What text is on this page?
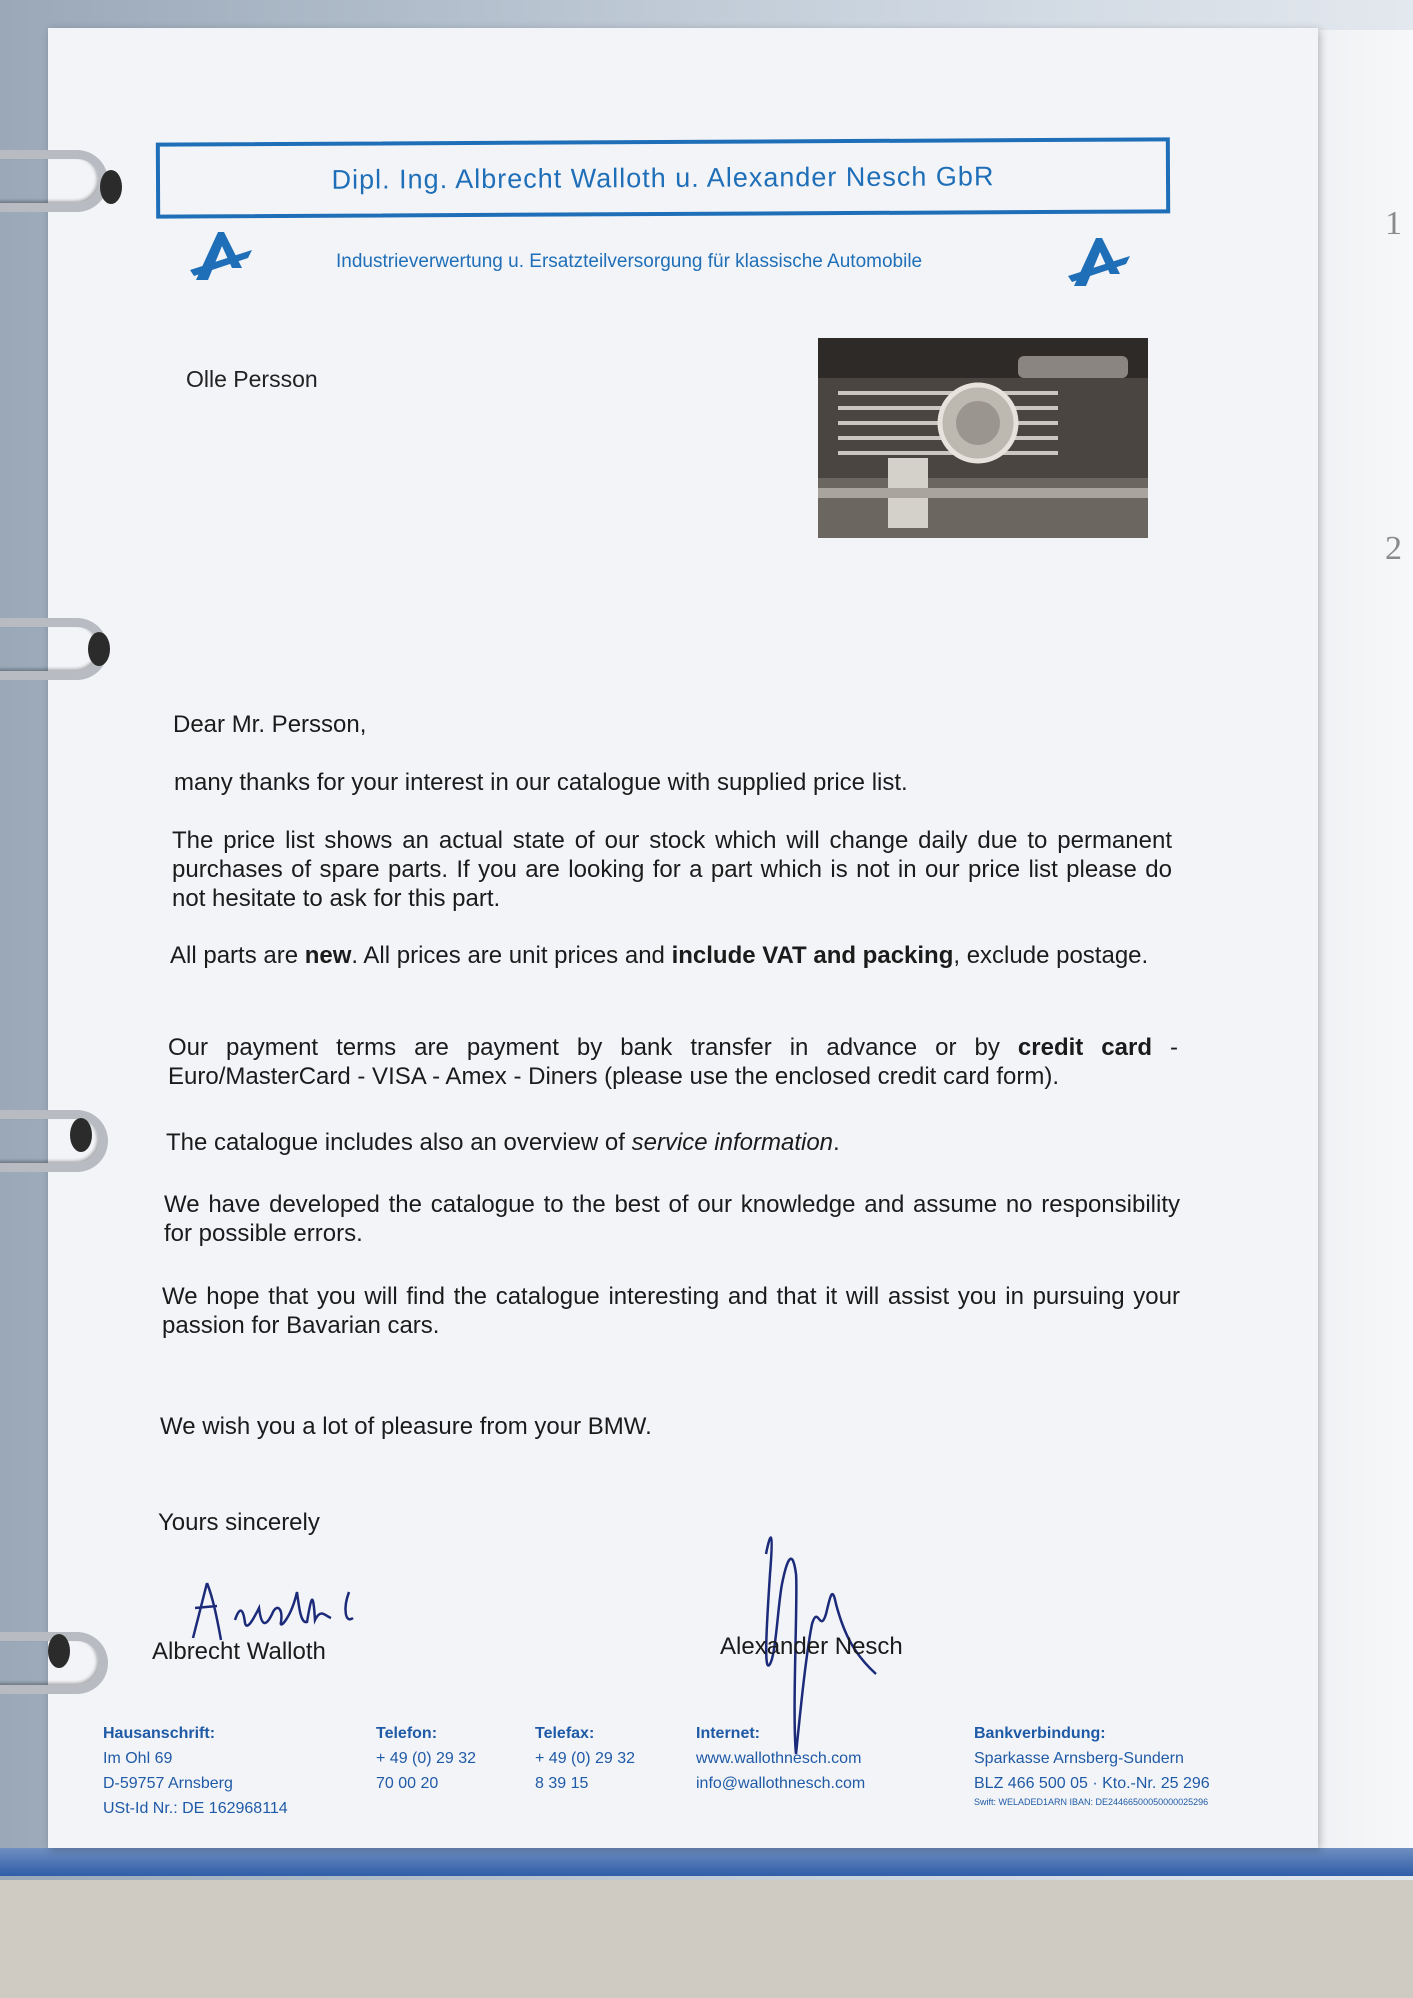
1
2
Dipl. Ing. Albrecht Walloth u. Alexander Nesch GbR
Industrieverwertung u. Ersatzteilversorgung für klassische Automobile
Olle Persson

Dear Mr. Persson,

many thanks for your interest in our catalogue with supplied price list.

The price list shows an actual state of our stock which will change daily due to permanent purchases of spare parts. If you are looking for a part which is not in our price list please do not hesitate to ask for this part.

All parts are new. All prices are unit prices and include VAT and packing, exclude postage.

Our payment terms are payment by bank transfer in advance or by credit card - Euro/MasterCard - VISA - Amex - Diners (please use the enclosed credit card form).

The catalogue includes also an overview of service information.

We have developed the catalogue to the best of our knowledge and assume no responsibility for possible errors.

We hope that you will find the catalogue interesting and that it will assist you in pursuing your passion for Bavarian cars.

We wish you a lot of pleasure from your BMW.

Yours sincerely

Albrecht Walloth	Alexander Nesch
Hausanschrift:
Im Ohl 69
D-59757 Arnsberg
USt-Id Nr.: DE 162968114
Telefon:
+ 49 (0) 29 32
70 00 20
Telefax:
+ 49 (0) 29 32
8 39 15
Internet:
www.wallothnesch.com
info@wallothnesch.com
Bankverbindung:
Sparkasse Arnsberg-Sundern
BLZ 466 500 05 · Kto.-Nr. 25 296
Swift: WELADED1ARN IBAN: DE24466500050000025296
